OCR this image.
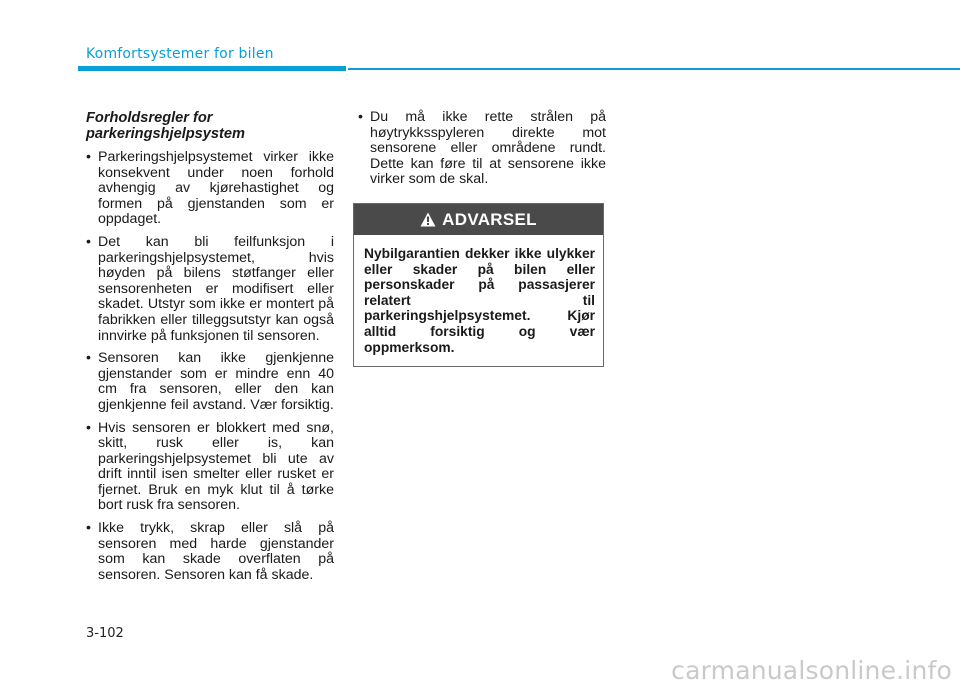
Komfortsystemer for bilen
Forholdsregler for parkeringshjelpsystem
• Parkeringshjelpsystemet virker ikke konsekvent under noen forhold avhengig av kjørehastighet og formen på gjenstanden som er oppdaget.
• Det kan bli feilfunksjon i parkeringshjelpsystemet, hvis høyden på bilens støtfanger eller sensorenheten er modifisert eller skadet. Utstyr som ikke er montert på fabrikken eller tilleggsutstyr kan også innvirke på funksjonen til sensoren.
• Sensoren kan ikke gjenkjenne gjenstander som er mindre enn 40 cm fra sensoren, eller den kan gjenkjenne feil avstand. Vær forsiktig.
• Hvis sensoren er blokkert med snø, skitt, rusk eller is, kan parkeringshjelpsystemet bli ute av drift inntil isen smelter eller rusket er fjernet. Bruk en myk klut til å tørke bort rusk fra sensoren.
• Ikke trykk, skrap eller slå på sensoren med harde gjenstander som kan skade overflaten på sensoren. Sensoren kan få skade.
• Du må ikke rette strålen på høytrykksspyleren direkte mot sensorene eller områdene rundt. Dette kan føre til at sensorene ikke virker som de skal.
ADVARSEL
Nybilgarantien dekker ikke ulykker eller skader på bilen eller personskader på passasjerer relatert til parkeringshjelpsystemet. Kjør alltid forsiktig og vær oppmerksom.
3-102
carmanualsonline.info
